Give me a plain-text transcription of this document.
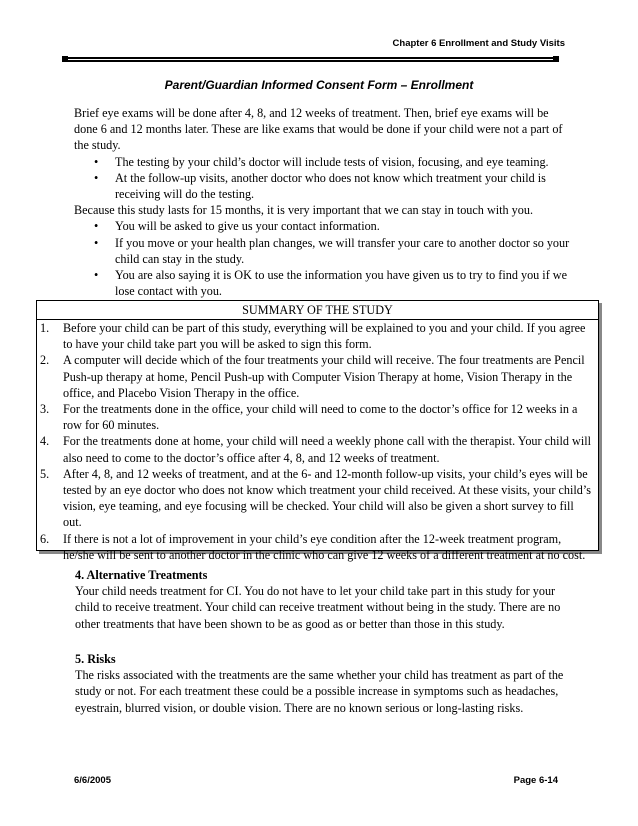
Chapter 6 Enrollment and Study Visits
Parent/Guardian Informed Consent Form – Enrollment

Brief eye exams will be done after 4, 8, and 12 weeks of treatment. Then, brief eye exams will be done 6 and 12 months later. These are like exams that would be done if your child were not a part of the study.

• The testing by your child’s doctor will include tests of vision, focusing, and eye teaming.
• At the follow-up visits, another doctor who does not know which treatment your child is receiving will do the testing.

Because this study lasts for 15 months, it is very important that we can stay in touch with you.

• You will be asked to give us your contact information.
• If you move or your health plan changes, we will transfer your care to another doctor so your child can stay in the study.
• You are also saying it is OK to use the information you have given us to try to find you if we lose contact with you.
SUMMARY OF THE STUDY
1. Before your child can be part of this study, everything will be explained to you and your child. If you agree to have your child take part you will be asked to sign this form.
2. A computer will decide which of the four treatments your child will receive. The four treatments are Pencil Push-up therapy at home, Pencil Push-up with Computer Vision Therapy at home, Vision Therapy in the office, and Placebo Vision Therapy in the office.
3. For the treatments done in the office, your child will need to come to the doctor’s office for 12 weeks in a row for 60 minutes.
4. For the treatments done at home, your child will need a weekly phone call with the therapist. Your child will also need to come to the doctor’s office after 4, 8, and 12 weeks of treatment.
5. After 4, 8, and 12 weeks of treatment, and at the 6- and 12-month follow-up visits, your child’s eyes will be tested by an eye doctor who does not know which treatment your child received. At these visits, your child’s vision, eye teaming, and eye focusing will be checked. Your child will also be given a short survey to fill out.
6. If there is not a lot of improvement in your child’s eye condition after the 12-week treatment program, he/she will be sent to another doctor in the clinic who can give 12 weeks of a different treatment at no cost.
4. Alternative Treatments

Your child needs treatment for CI. You do not have to let your child take part in this study for your child to receive treatment. Your child can receive treatment without being in the study. There are no other treatments that have been shown to be as good as or better than those in this study.

5. Risks

The risks associated with the treatments are the same whether your child has treatment as part of the study or not. For each treatment these could be a possible increase in symptoms such as headaches, eyestrain, blurred vision, or double vision. There are no known serious or long-lasting risks.

6/6/2005	Page 6-14
